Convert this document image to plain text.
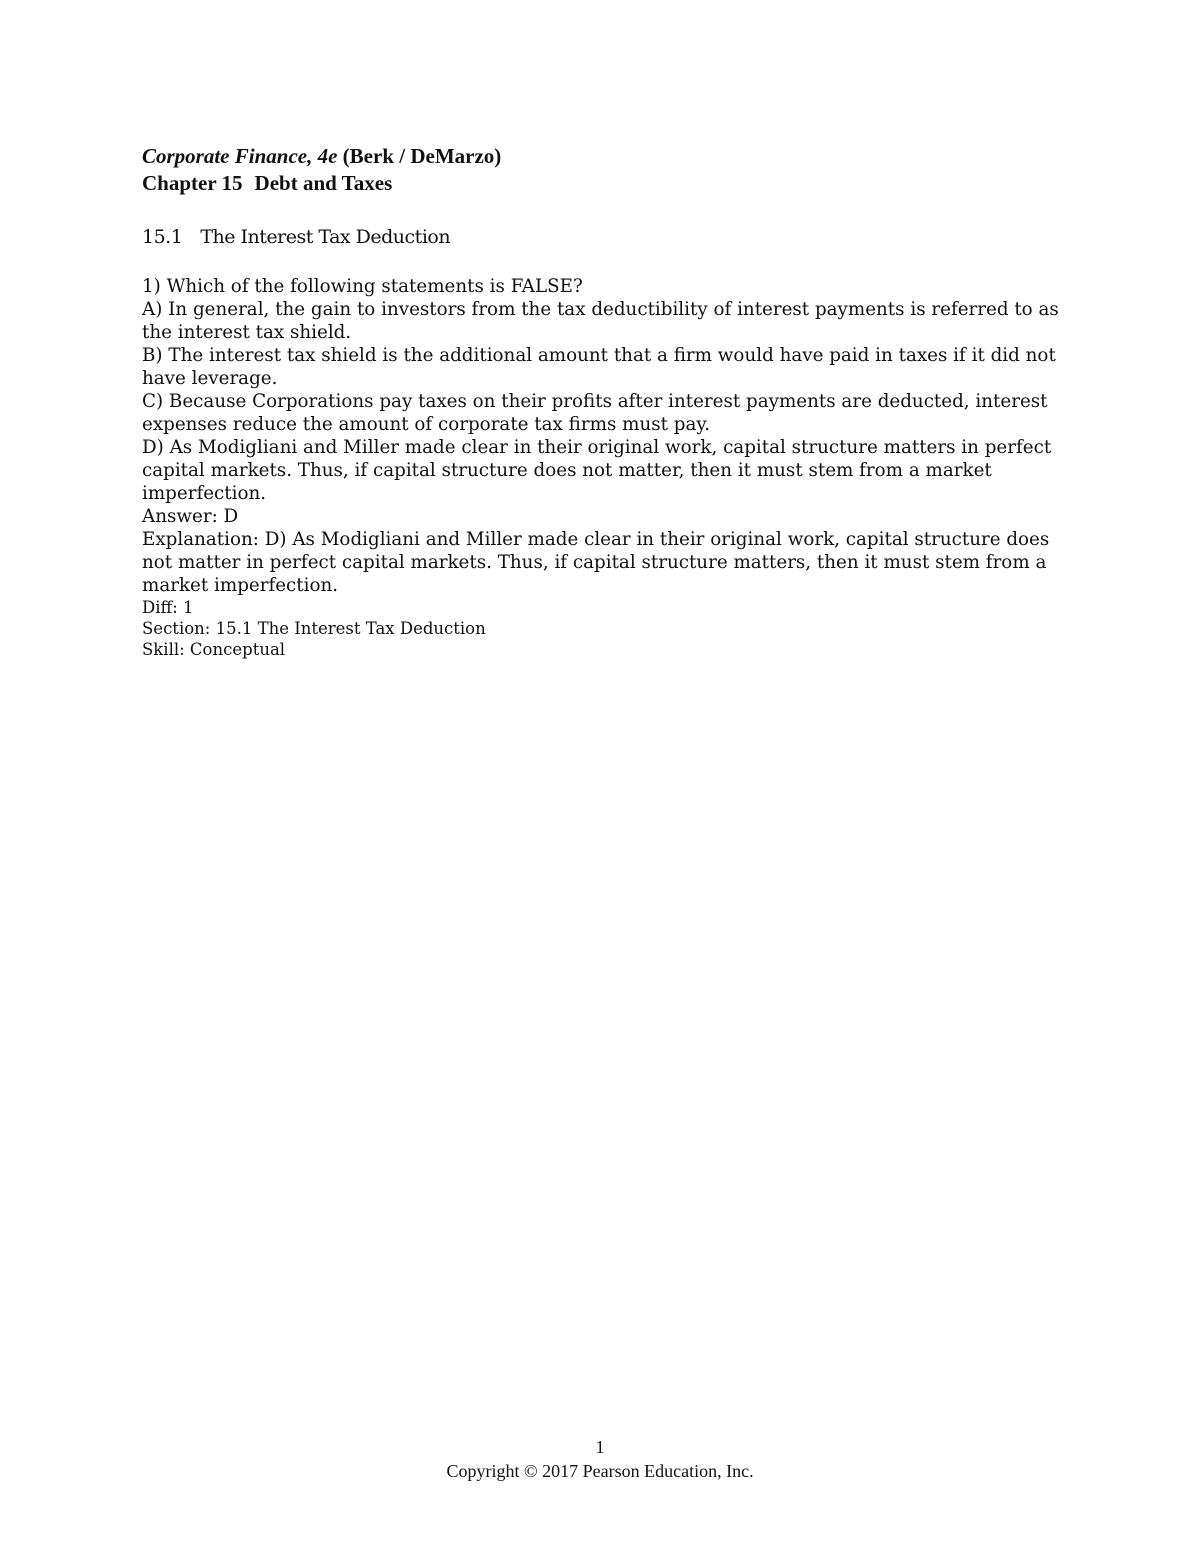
Corporate Finance, 4e (Berk / DeMarzo)

Chapter 15 Debt and Taxes

15.1 The Interest Tax Deduction

1) Which of the following statements is FALSE?

A) In general, the gain to investors from the tax deductibility of interest payments is referred to as the interest tax shield.

B) The interest tax shield is the additional amount that a firm would have paid in taxes if it did not have leverage.

C) Because Corporations pay taxes on their profits after interest payments are deducted, interest expenses reduce the amount of corporate tax firms must pay.

D) As Modigliani and Miller made clear in their original work, capital structure matters in perfect capital markets. Thus, if capital structure does not matter, then it must stem from a market imperfection.

Answer: D

Explanation: D) As Modigliani and Miller made clear in their original work, capital structure does not matter in perfect capital markets. Thus, if capital structure matters, then it must stem from a market imperfection.

Diff: 1

Section: 15.1 The Interest Tax Deduction

Skill: Conceptual

1
Copyright © 2017 Pearson Education, Inc.
